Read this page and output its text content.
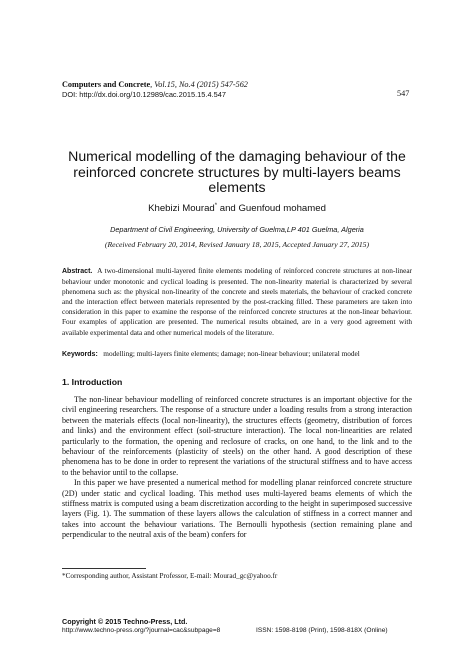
Computers and Concrete, Vol.15, No.4 (2015) 547-562
DOI: http://dx.doi.org/10.12989/cac.2015.15.4.547	547
Numerical modelling of the damaging behaviour of the reinforced concrete structures by multi-layers beams elements
Khebizi Mourad* and Guenfoud mohamed
Department of Civil Engineering, University of Guelma,LP 401 Guelma, Algeria
(Received February 20, 2014, Revised January 18, 2015, Accepted January 27, 2015)
Abstract. A two-dimensional multi-layered finite elements modeling of reinforced concrete structures at non-linear behaviour under monotonic and cyclical loading is presented. The non-linearity material is characterized by several phenomena such as: the physical non-linearity of the concrete and steels materials, the behaviour of cracked concrete and the interaction effect between materials represented by the post-cracking filled. These parameters are taken into consideration in this paper to examine the response of the reinforced concrete structures at the non-linear behaviour. Four examples of application are presented. The numerical results obtained, are in a very good agreement with available experimental data and other numerical models of the literature.
Keywords: modelling; multi-layers finite elements; damage; non-linear behaviour; unilateral model
1. Introduction

The non-linear behaviour modelling of reinforced concrete structures is an important objective for the civil engineering researchers. The response of a structure under a loading results from a strong interaction between the materials effects (local non-linearity), the structures effects (geometry, distribution of forces and links) and the environment effect (soil-structure interaction). The local non-linearities are related particularly to the formation, the opening and reclosure of cracks, on one hand, to the link and to the behaviour of the reinforcements (plasticity of steels) on the other hand. A good description of these phenomena has to be done in order to represent the variations of the structural stiffness and to have access to the behavior until to the collapse.

In this paper we have presented a numerical method for modelling planar reinforced concrete structure (2D) under static and cyclical loading. This method uses multi-layered beams elements of which the stiffness matrix is computed using a beam discretization according to the height in superimposed successive layers (Fig. 1). The summation of these layers allows the calculation of stiffness in a correct manner and takes into account the behaviour variations. The Bernoulli hypothesis (section remaining plane and perpendicular to the neutral axis of the beam) confers for

*Corresponding author, Assistant Professor, E-mail: Mourad_gc@yahoo.fr
Copyright © 2015 Techno-Press, Ltd.
http://www.techno-press.org/?journal=cac&subpage=8	ISSN: 1598-8198 (Print), 1598-818X (Online)
